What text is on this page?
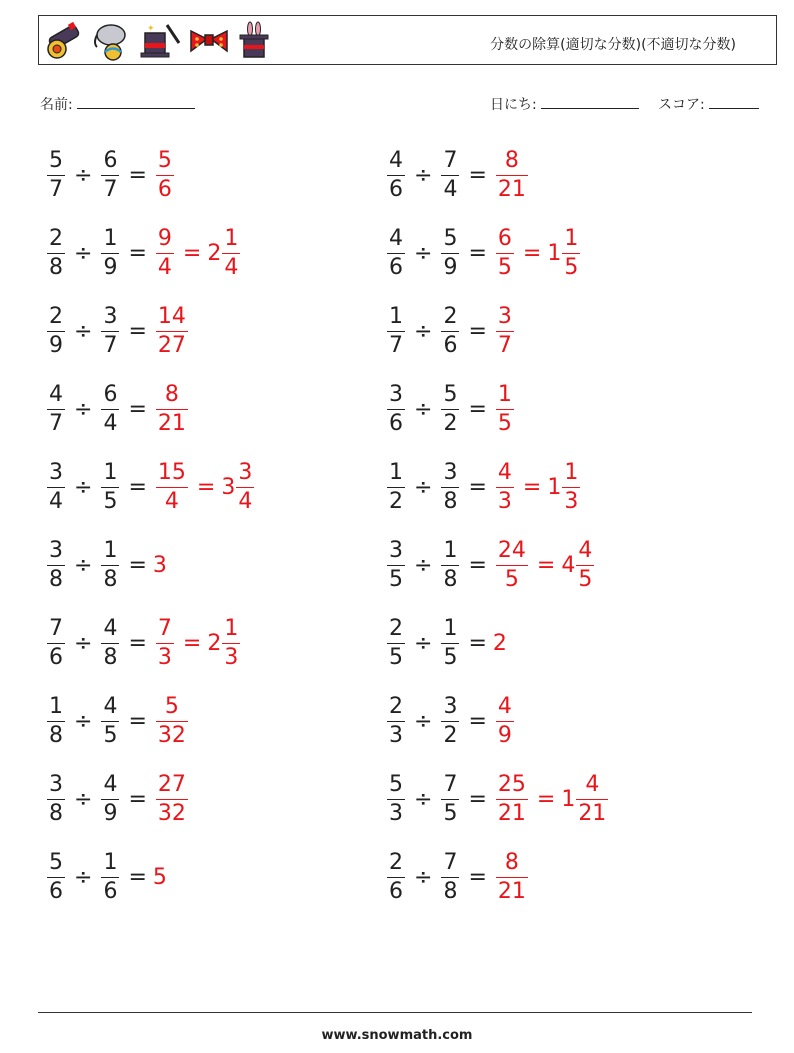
✦
分数の除算(適切な分数)(不適切な分数)
名前:	日にち:	スコア:
$\frac{5}{7} \div \frac{6}{7} = \frac{5}{6}$
$\frac{2}{8} \div \frac{1}{9} = \frac{9}{4} = 2 \frac{1}{4}$
$\frac{2}{9} \div \frac{3}{7} = \frac{14}{27}$
$\frac{4}{7} \div \frac{6}{4} = \frac{8}{21}$
$\frac{3}{4} \div \frac{1}{5} = \frac{15}{4} = 3 \frac{3}{4}$
$\frac{3}{8} \div \frac{1}{8} = 3$
$\frac{7}{6} \div \frac{4}{8} = \frac{7}{3} = 2 \frac{1}{3}$
$\frac{1}{8} \div \frac{4}{5} = \frac{5}{32}$
$\frac{3}{8} \div \frac{4}{9} = \frac{27}{32}$
$\frac{5}{6} \div \frac{1}{6} = 5$
$\frac{4}{6} \div \frac{7}{4} = \frac{8}{21}$
$\frac{4}{6} \div \frac{5}{9} = \frac{6}{5} = 1 \frac{1}{5}$
$\frac{1}{7} \div \frac{2}{6} = \frac{3}{7}$
$\frac{3}{6} \div \frac{5}{2} = \frac{1}{5}$
$\frac{1}{2} \div \frac{3}{8} = \frac{4}{3} = 1 \frac{1}{3}$
$\frac{3}{5} \div \frac{1}{8} = \frac{24}{5} = 4 \frac{4}{5}$
$\frac{2}{5} \div \frac{1}{5} = 2$
$\frac{2}{3} \div \frac{3}{2} = \frac{4}{9}$
$\frac{5}{3} \div \frac{7}{5} = \frac{25}{21} = 1 \frac{4}{21}$
$\frac{2}{6} \div \frac{7}{8} = \frac{8}{21}$
www.snowmath.com
